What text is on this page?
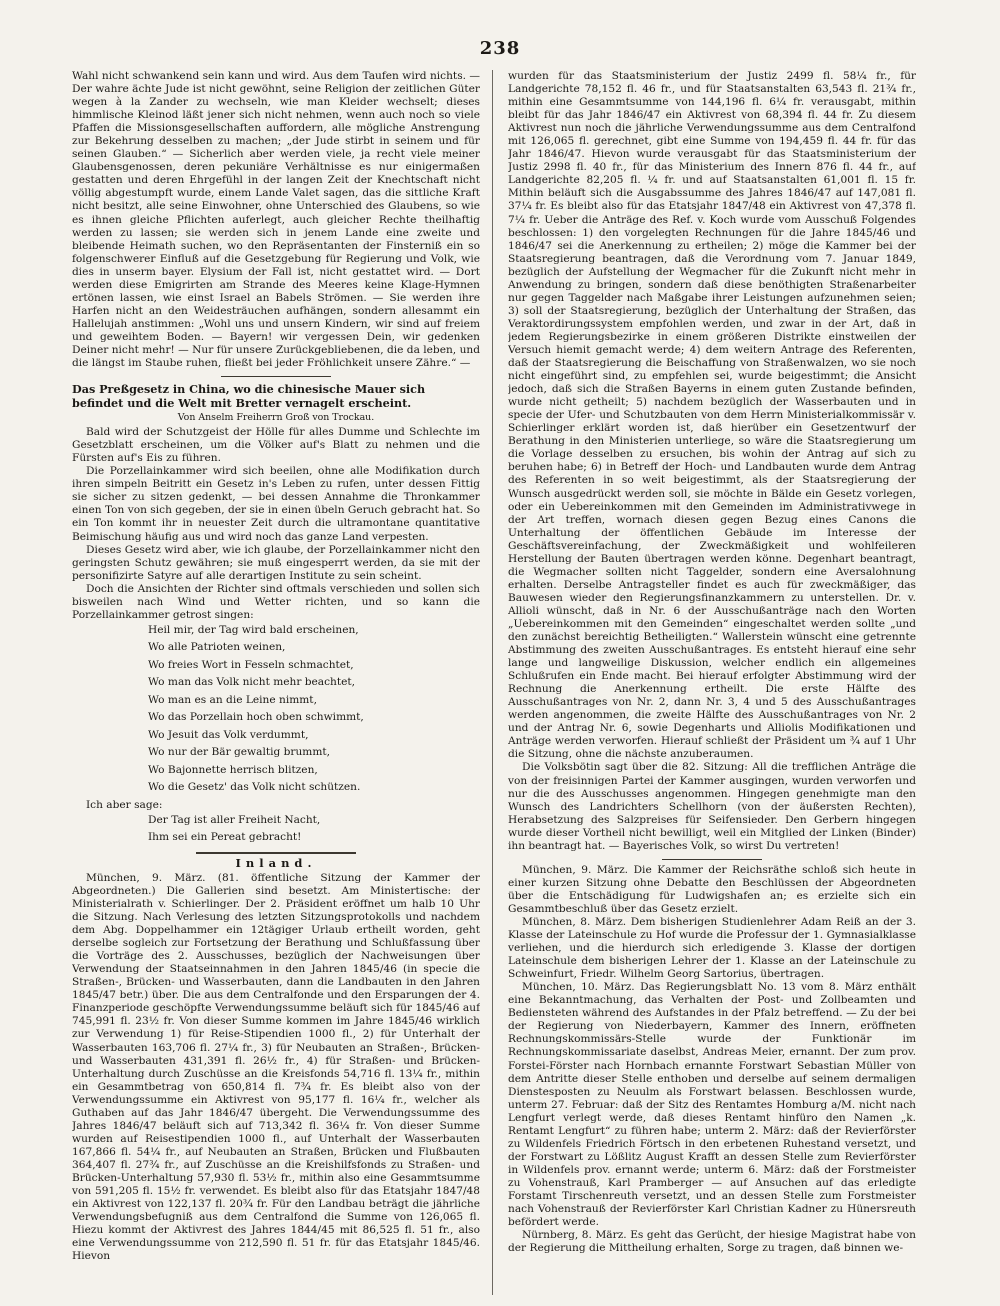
238

Wahl nicht schwankend sein kann und wird. Aus dem Taufen wird nichts. — Der wahre ächte Jude ist nicht gewöhnt, seine Religion der zeitlichen Güter wegen à la Zander zu wechseln, wie man Kleider wechselt; dieses himmlische Kleinod läßt jener sich nicht nehmen, wenn auch noch so viele Pfaffen die Missionsgesellschaften auffordern, alle mögliche Anstrengung zur Bekehrung desselben zu machen; „der Jude stirbt in seinem und für seinen Glauben.“ — Sicherlich aber werden viele, ja recht viele meiner Glaubensgenossen, deren pekuniäre Verhältnisse es nur einigermaßen gestatten und deren Ehrgefühl in der langen Zeit der Knechtschaft nicht völlig abgestumpft wurde, einem Lande Valet sagen, das die sittliche Kraft nicht besitzt, alle seine Einwohner, ohne Unterschied des Glaubens, so wie es ihnen gleiche Pflichten auferlegt, auch gleicher Rechte theilhaftig werden zu lassen; sie werden sich in jenem Lande eine zweite und bleibende Heimath suchen, wo den Repräsentanten der Finsterniß ein so folgenschwerer Einfluß auf die Gesetzgebung für Regierung und Volk, wie dies in unserm bayer. Elysium der Fall ist, nicht gestattet wird. — Dort werden diese Emigrirten am Strande des Meeres keine Klage-Hymnen ertönen lassen, wie einst Israel an Babels Strömen. — Sie werden ihre Harfen nicht an den Weidesträuchen aufhängen, sondern allesammt ein Hallelujah anstimmen: „Wohl uns und unsern Kindern, wir sind auf freiem und geweihtem Boden. — Bayern! wir vergessen Dein, wir gedenken Deiner nicht mehr! — Nur für unsere Zurückgebliebenen, die da leben, und die längst im Staube ruhen, fließt bei jeder Fröhlichkeit unsere Zähre.“ —

Das Preßgesetz in China, wo die chinesische Mauer sich befindet und die Welt mit Bretter vernagelt erscheint.
Von Anselm Freiherrn Groß von Trockau.

Bald wird der Schutzgeist der Hölle für alles Dumme und Schlechte im Gesetzblatt erscheinen, um die Völker auf's Blatt zu nehmen und die Fürsten auf's Eis zu führen.

Die Porzellainkammer wird sich beeilen, ohne alle Modifikation durch ihren simpeln Beitritt ein Gesetz in's Leben zu rufen, unter dessen Fittig sie sicher zu sitzen gedenkt, — bei dessen Annahme die Thronkammer einen Ton von sich gegeben, der sie in einen übeln Geruch gebracht hat. So ein Ton kommt ihr in neuester Zeit durch die ultramontane quantitative Beimischung häufig aus und wird noch das ganze Land verpesten.

Dieses Gesetz wird aber, wie ich glaube, der Porzellainkammer nicht den geringsten Schutz gewähren; sie muß eingesperrt werden, da sie mit der personifizirte Satyre auf alle derartigen Institute zu sein scheint.

Doch die Ansichten der Richter sind oftmals verschieden und sollen sich bisweilen nach Wind und Wetter richten, und so kann die Porzellainkammer getrost singen:

Heil mir, der Tag wird bald erscheinen,
Wo alle Patrioten weinen,
Wo freies Wort in Fesseln schmachtet,
Wo man das Volk nicht mehr beachtet,
Wo man es an die Leine nimmt,
Wo das Porzellain hoch oben schwimmt,
Wo Jesuit das Volk verdummt,
Wo nur der Bär gewaltig brummt,
Wo Bajonnette herrisch blitzen,
Wo die Gesetz' das Volk nicht schützen.

Ich aber sage:

Der Tag ist aller Freiheit Nacht,
Ihm sei ein Pereat gebracht!
Inland.

München, 9. März. (81. öffentliche Sitzung der Kammer der Abgeordneten.) Die Gallerien sind besetzt. Am Ministertische: der Ministerialrath v. Schierlinger. Der 2. Präsident eröffnet um halb 10 Uhr die Sitzung. Nach Verlesung des letzten Sitzungsprotokolls und nachdem dem Abg. Doppelhammer ein 12tägiger Urlaub ertheilt worden, geht derselbe sogleich zur Fortsetzung der Berathung und Schlußfassung über die Vorträge des 2. Ausschusses, bezüglich der Nachweisungen über Verwendung der Staatseinnahmen in den Jahren 1845/46 (in specie die Straßen-, Brücken- und Wasserbauten, dann die Landbauten in den Jahren 1845/47 betr.) über. Die aus dem Centralfonde und den Ersparungen der 4. Finanzperiode geschöpfte Verwendungssumme beläuft sich für 1845/46 auf 745,991 fl. 23½ fr. Von dieser Summe kommen im Jahre 1845/46 wirklich zur Verwendung 1) für Reise-Stipendien 1000 fl., 2) für Unterhalt der Wasserbauten 163,706 fl. 27¼ fr., 3) für Neubauten an Straßen-, Brücken- und Wasserbauten 431,391 fl. 26½ fr., 4) für Straßen- und Brücken-Unterhaltung durch Zuschüsse an die Kreisfonds 54,716 fl. 13¼ fr., mithin ein Gesammtbetrag von 650,814 fl. 7¾ fr. Es bleibt also von der Verwendungssumme ein Aktivrest von 95,177 fl. 16¼ fr., welcher als Guthaben auf das Jahr 1846/47 übergeht. Die Verwendungssumme des Jahres 1846/47 beläuft sich auf 713,342 fl. 36¼ fr. Von dieser Summe wurden auf Reisestipendien 1000 fl., auf Unterhalt der Wasserbauten 167,866 fl. 54¼ fr., auf Neubauten an Straßen, Brücken und Flußbauten 364,407 fl. 27¾ fr., auf Zuschüsse an die Kreishilfsfonds zu Straßen- und Brücken-Unterhaltung 57,930 fl. 53½ fr., mithin also eine Gesammtsumme von 591,205 fl. 15½ fr. verwendet. Es bleibt also für das Etatsjahr 1847/48 ein Aktivrest von 122,137 fl. 20¾ fr. Für den Landbau beträgt die jährliche Verwendungsbefugniß aus dem Centralfond die Summe von 126,065 fl. Hiezu kommt der Aktivrest des Jahres 1844/45 mit 86,525 fl. 51 fr., also eine Verwendungssumme von 212,590 fl. 51 fr. für das Etatsjahr 1845/46. Hievon

wurden für das Staatsministerium der Justiz 2499 fl. 58¼ fr., für Landgerichte 78,152 fl. 46 fr., und für Staatsanstalten 63,543 fl. 21¾ fr., mithin eine Gesammtsumme von 144,196 fl. 6¼ fr. verausgabt, mithin bleibt für das Jahr 1846/47 ein Aktivrest von 68,394 fl. 44 fr. Zu diesem Aktivrest nun noch die jährliche Verwendungssumme aus dem Centralfond mit 126,065 fl. gerechnet, gibt eine Summe von 194,459 fl. 44 fr. für das Jahr 1846/47. Hievon wurde verausgabt für das Staatsministerium der Justiz 2998 fl. 40 fr., für das Ministerium des Innern 876 fl. 44 fr., auf Landgerichte 82,205 fl. ¼ fr. und auf Staatsanstalten 61,001 fl. 15 fr. Mithin beläuft sich die Ausgabssumme des Jahres 1846/47 auf 147,081 fl. 37¼ fr. Es bleibt also für das Etatsjahr 1847/48 ein Aktivrest von 47,378 fl. 7¼ fr. Ueber die Anträge des Ref. v. Koch wurde vom Ausschuß Folgendes beschlossen: 1) den vorgelegten Rechnungen für die Jahre 1845/46 und 1846/47 sei die Anerkennung zu ertheilen; 2) möge die Kammer bei der Staatsregierung beantragen, daß die Verordnung vom 7. Januar 1849, bezüglich der Aufstellung der Wegmacher für die Zukunft nicht mehr in Anwendung zu bringen, sondern daß diese benöthigten Straßenarbeiter nur gegen Taggelder nach Maßgabe ihrer Leistungen aufzunehmen seien; 3) soll der Staatsregierung, bezüglich der Unterhaltung der Straßen, das Veraktordirungssystem empfohlen werden, und zwar in der Art, daß in jedem Regierungsbezirke in einem größeren Distrikte einstweilen der Versuch hiemit gemacht werde; 4) dem weitern Antrage des Referenten, daß der Staatsregierung die Beischaffung von Straßenwalzen, wo sie noch nicht eingeführt sind, zu empfehlen sei, wurde beigestimmt; die Ansicht jedoch, daß sich die Straßen Bayerns in einem guten Zustande befinden, wurde nicht getheilt; 5) nachdem bezüglich der Wasserbauten und in specie der Ufer- und Schutzbauten von dem Herrn Ministerialkommissär v. Schierlinger erklärt worden ist, daß hierüber ein Gesetzentwurf der Berathung in den Ministerien unterliege, so wäre die Staatsregierung um die Vorlage desselben zu ersuchen, bis wohin der Antrag auf sich zu beruhen habe; 6) in Betreff der Hoch- und Landbauten wurde dem Antrag des Referenten in so weit beigestimmt, als der Staatsregierung der Wunsch ausgedrückt werden soll, sie möchte in Bälde ein Gesetz vorlegen, oder ein Uebereinkommen mit den Gemeinden im Administrativwege in der Art treffen, wornach diesen gegen Bezug eines Canons die Unterhaltung der öffentlichen Gebäude im Interesse der Geschäftsvereinfachung, der Zweckmäßigkeit und wohlfeileren Herstellung der Bauten übertragen werden könne. Degenhart beantragt, die Wegmacher sollten nicht Taggelder, sondern eine Aversalohnung erhalten. Derselbe Antragsteller findet es auch für zweckmäßiger, das Bauwesen wieder den Regierungsfinanzkammern zu unterstellen. Dr. v. Allioli wünscht, daß in Nr. 6 der Ausschußanträge nach den Worten „Uebereinkommen mit den Gemeinden“ eingeschaltet werden sollte „und den zunächst bereichtig Betheiligten.“ Wallerstein wünscht eine getrennte Abstimmung des zweiten Ausschußantrages. Es entsteht hierauf eine sehr lange und langweilige Diskussion, welcher endlich ein allgemeines Schlußrufen ein Ende macht. Bei hierauf erfolgter Abstimmung wird der Rechnung die Anerkennung ertheilt. Die erste Hälfte des Ausschußantrages von Nr. 2, dann Nr. 3, 4 und 5 des Ausschußantrages werden angenommen, die zweite Hälfte des Ausschußantrages von Nr. 2 und der Antrag Nr. 6, sowie Degenharts und Alliolis Modifikationen und Anträge werden verworfen. Hierauf schließt der Präsident um ¾ auf 1 Uhr die Sitzung, ohne die nächste anzuberaumen.

Die Volksbötin sagt über die 82. Sitzung: All die trefflichen Anträge die von der freisinnigen Partei der Kammer ausgingen, wurden verworfen und nur die des Ausschusses angenommen. Hingegen genehmigte man den Wunsch des Landrichters Schellhorn (von der äußersten Rechten), Herabsetzung des Salzpreises für Seifensieder. Den Gerbern hingegen wurde dieser Vortheil nicht bewilligt, weil ein Mitglied der Linken (Binder) ihn beantragt hat. — Bayerisches Volk, so wirst Du vertreten!

München, 9. März. Die Kammer der Reichsräthe schloß sich heute in einer kurzen Sitzung ohne Debatte den Beschlüssen der Abgeordneten über die Entschädigung für Ludwigshafen an; es erzielte sich ein Gesammtbeschluß über das Gesetz erzielt.

München, 8. März. Dem bisherigen Studienlehrer Adam Reiß an der 3. Klasse der Lateinschule zu Hof wurde die Professur der 1. Gymnasialklasse verliehen, und die hierdurch sich erledigende 3. Klasse der dortigen Lateinschule dem bisherigen Lehrer der 1. Klasse an der Lateinschule zu Schweinfurt, Friedr. Wilhelm Georg Sartorius, übertragen.

München, 10. März. Das Regierungsblatt No. 13 vom 8. März enthält eine Bekanntmachung, das Verhalten der Post- und Zollbeamten und Bediensteten während des Aufstandes in der Pfalz betreffend. — Zu der bei der Regierung von Niederbayern, Kammer des Innern, eröffneten Rechnungskommissärs-Stelle wurde der Funktionär im Rechnungskommissariate daselbst, Andreas Meier, ernannt. Der zum prov. Forstei-Förster nach Hornbach ernannte Forstwart Sebastian Müller von dem Antritte dieser Stelle enthoben und derselbe auf seinem dermaligen Dienstesposten zu Neuulm als Forstwart belassen. Beschlossen wurde, unterm 27. Februar: daß der Sitz des Rentamtes Homburg a/M. nicht nach Lengfurt verlegt werde, daß dieses Rentamt hinfüro den Namen „k. Rentamt Lengfurt“ zu führen habe; unterm 2. März: daß der Revierförster zu Wildenfels Friedrich Förtsch in den erbetenen Ruhestand versetzt, und der Forstwart zu Lößlitz August Krafft an dessen Stelle zum Revierförster in Wildenfels prov. ernannt werde; unterm 6. März: daß der Forstmeister zu Vohenstrauß, Karl Pramberger — auf Ansuchen auf das erledigte Forstamt Tirschenreuth versetzt, und an dessen Stelle zum Forstmeister nach Vohenstrauß der Revierförster Karl Christian Kadner zu Hünersreuth befördert werde.

Nürnberg, 8. März. Es geht das Gerücht, der hiesige Magistrat habe von der Regierung die Mittheilung erhalten, Sorge zu tragen, daß binnen we-
